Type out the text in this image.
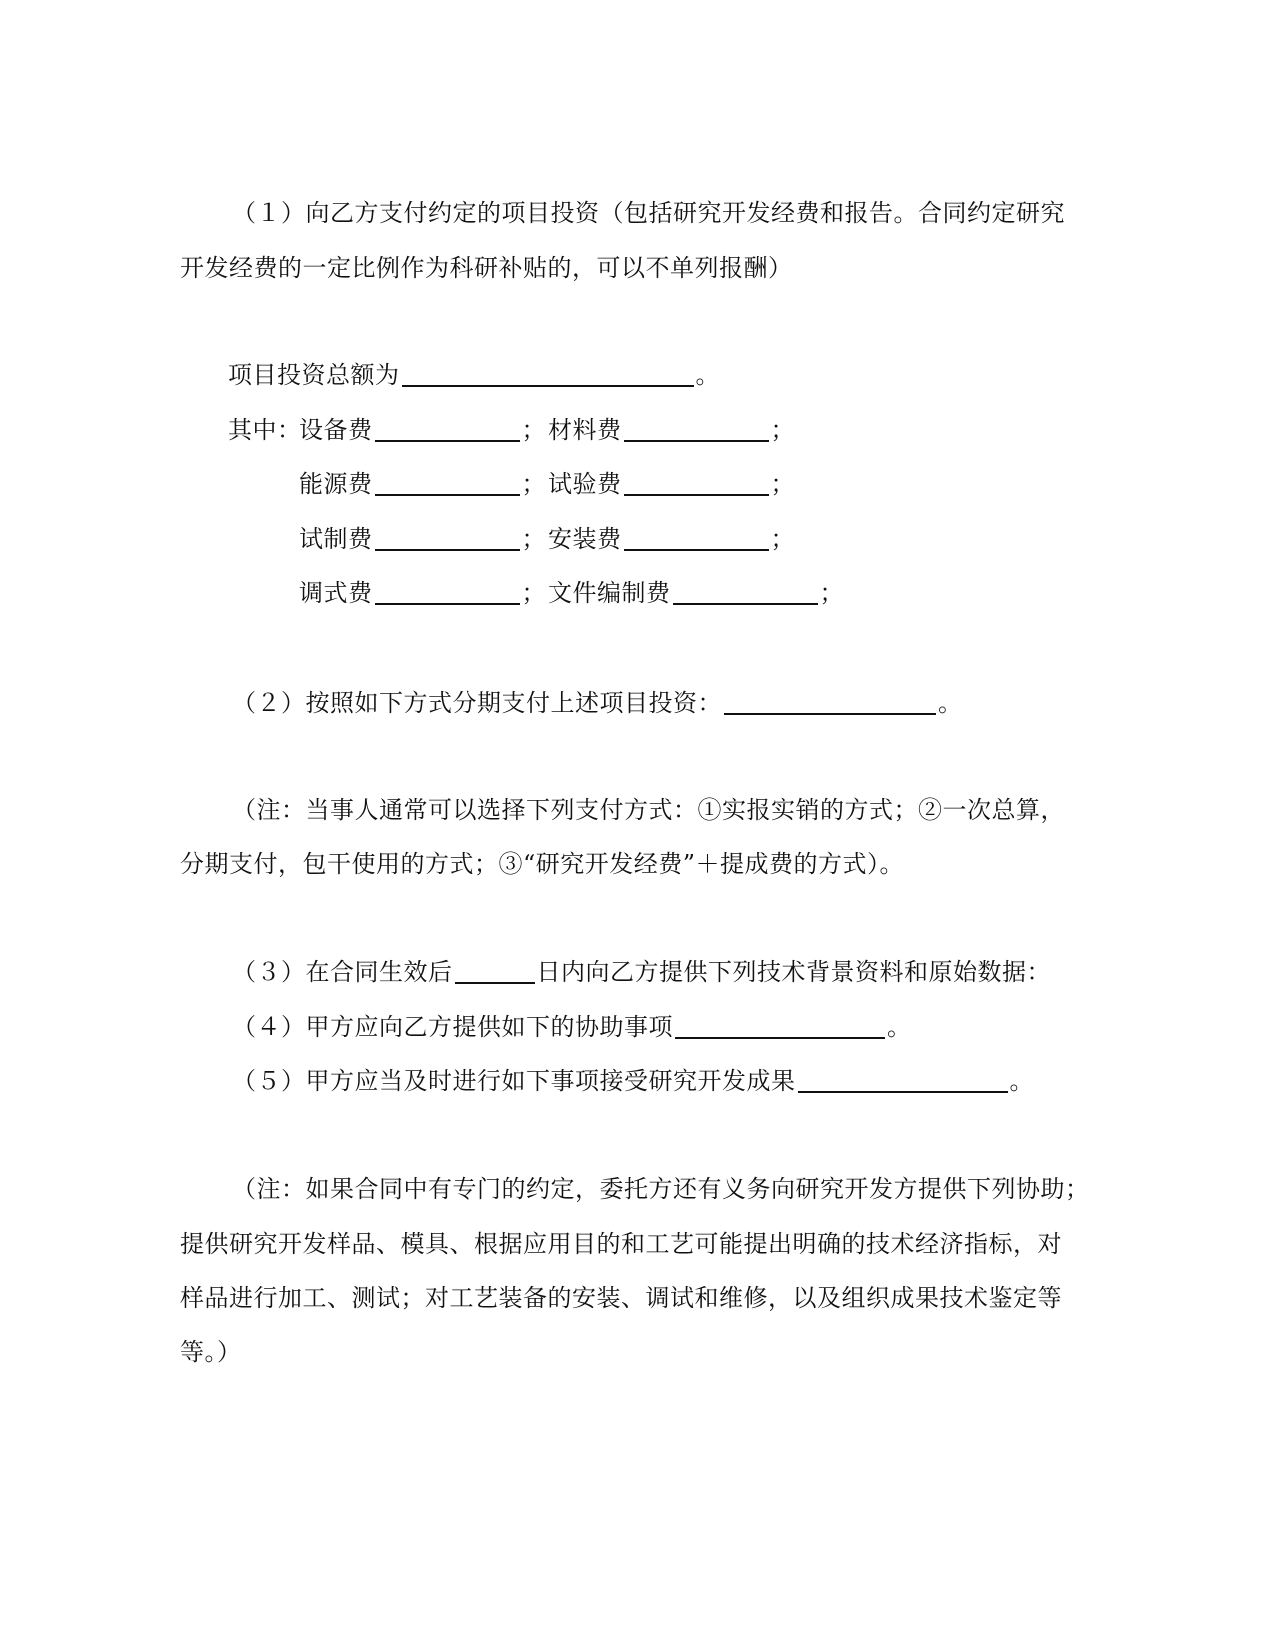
（１）向乙方支付约定的项目投资（包括研究开发经费和报告。合同约定研究
开发经费的一定比例作为科研补贴的，可以不单列报酬）
项目投资总额为	。
其中：
设备费	； 材料费	；
能源费	； 试验费	；
试制费	； 安装费	；
调式费	； 文件编制费	；
（２）按照如下方式分期支付上述项目投资：	。
（注：当事人通常可以选择下列支付方式：①实报实销的方式；②一次总算，
分期支付，包干使用的方式；③“研究开发经费”＋提成费的方式）。
（３）在合同生效后	日内向乙方提供下列技术背景资料和原始数据：
（４）甲方应向乙方提供如下的协助事项	。
（５）甲方应当及时进行如下事项接受研究开发成果	。
（注：如果合同中有专门的约定，委托方还有义务向研究开发方提供下列协助；
提供研究开发样品、模具、根据应用目的和工艺可能提出明确的技术经济指标，对
样品进行加工、测试；对工艺装备的安装、调试和维修，以及组织成果技术鉴定等
等。）
